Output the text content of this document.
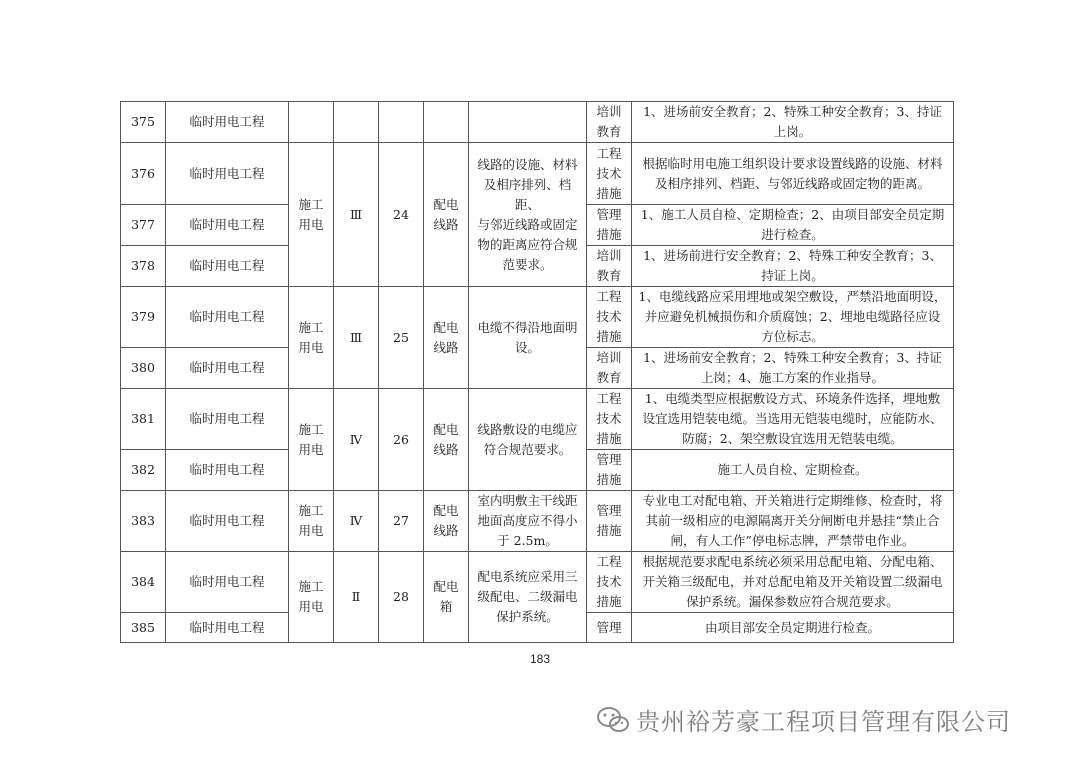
375	临时用电工程						培训
教育	1、进场前安全教育；2、特殊工种安全教育；3、持证
上岗。
376	临时用电工程	施工
用电	Ⅲ	24	配电
线路	线路的设施、材料
及相序排列、档距、
与邻近线路或固定
物的距离应符合规
范要求。	工程
技术
措施	根据临时用电施工组织设计要求设置线路的设施、材料
及相序排列、档距、与邻近线路或固定物的距离。
377	临时用电工程						管理
措施	1、施工人员自检、定期检查；2、由项目部安全员定期
进行检查。
378	临时用电工程						培训
教育	1、进场前进行安全教育；2、特殊工种安全教育；3、
持证上岗。
379	临时用电工程	施工
用电	Ⅲ	25	配电
线路	电缆不得沿地面明
设。	工程
技术
措施	1、电缆线路应采用埋地或架空敷设，严禁沿地面明设，
并应避免机械损伤和介质腐蚀；2、埋地电缆路径应设
方位标志。
380	临时用电工程						培训
教育	1、进场前安全教育；2、特殊工种安全教育；3、持证
上岗；4、施工方案的作业指导。
381	临时用电工程	施工
用电	Ⅳ	26	配电
线路	线路敷设的电缆应
符合规范要求。	工程
技术
措施	1、电缆类型应根据敷设方式、环境条件选择，埋地敷
设宜选用铠装电缆。当选用无铠装电缆时，应能防水、
防腐；2、架空敷设宜选用无铠装电缆。
382	临时用电工程						管理
措施	施工人员自检、定期检查。
383	临时用电工程	施工
用电	Ⅳ	27	配电
线路	室内明敷主干线距
地面高度应不得小
于 2.5m。	管理
措施	专业电工对配电箱、开关箱进行定期维修、检查时，将
其前一级相应的电源隔离开关分闸断电并悬挂“禁止合
闸，有人工作”停电标志牌，严禁带电作业。
384	临时用电工程	施工
用电	Ⅱ	28	配电
箱	配电系统应采用三
级配电、二级漏电
保护系统。	工程
技术
措施	根据规范要求配电系统必须采用总配电箱、分配电箱、
开关箱三级配电，并对总配电箱及开关箱设置二级漏电
保护系统。漏保参数应符合规范要求。
385	临时用电工程						管理	由项目部安全员定期进行检查。
183
贵州裕芳豪工程项目管理有限公司
